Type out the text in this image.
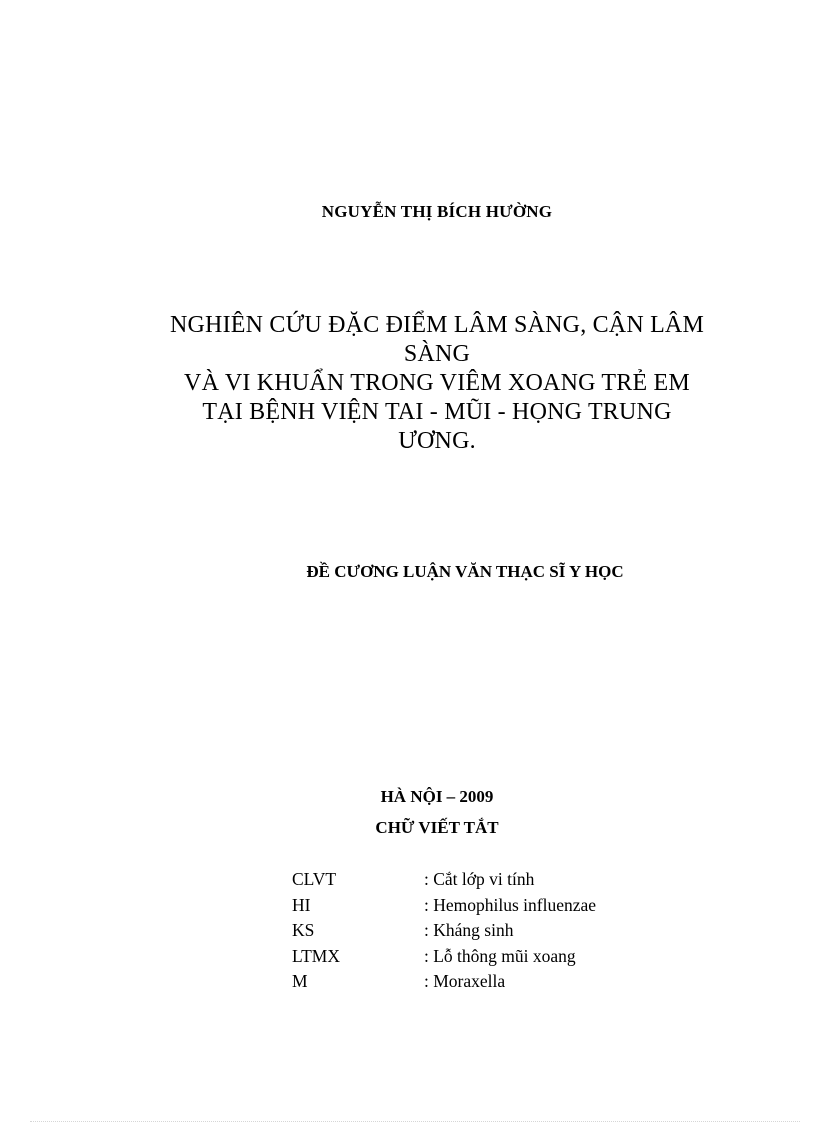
NGUYỄN THỊ BÍCH HƯỜNG
NGHIÊN CỨU ĐẶC ĐIỂM LÂM SÀNG, CẬN LÂM
SÀNG
VÀ VI KHUẨN TRONG VIÊM XOANG TRẺ EM
TẠI BỆNH VIỆN TAI - MŨI - HỌNG TRUNG
ƯƠNG.
ĐỀ CƯƠNG LUẬN VĂN THẠC SĨ Y HỌC
HÀ NỘI – 2009
CHỮ VIẾT TẮT
CLVT	: Cắt lớp vi tính
HI	: Hemophilus influenzae
KS	: Kháng sinh
LTMX	: Lỗ thông mũi xoang
M	: Moraxella
